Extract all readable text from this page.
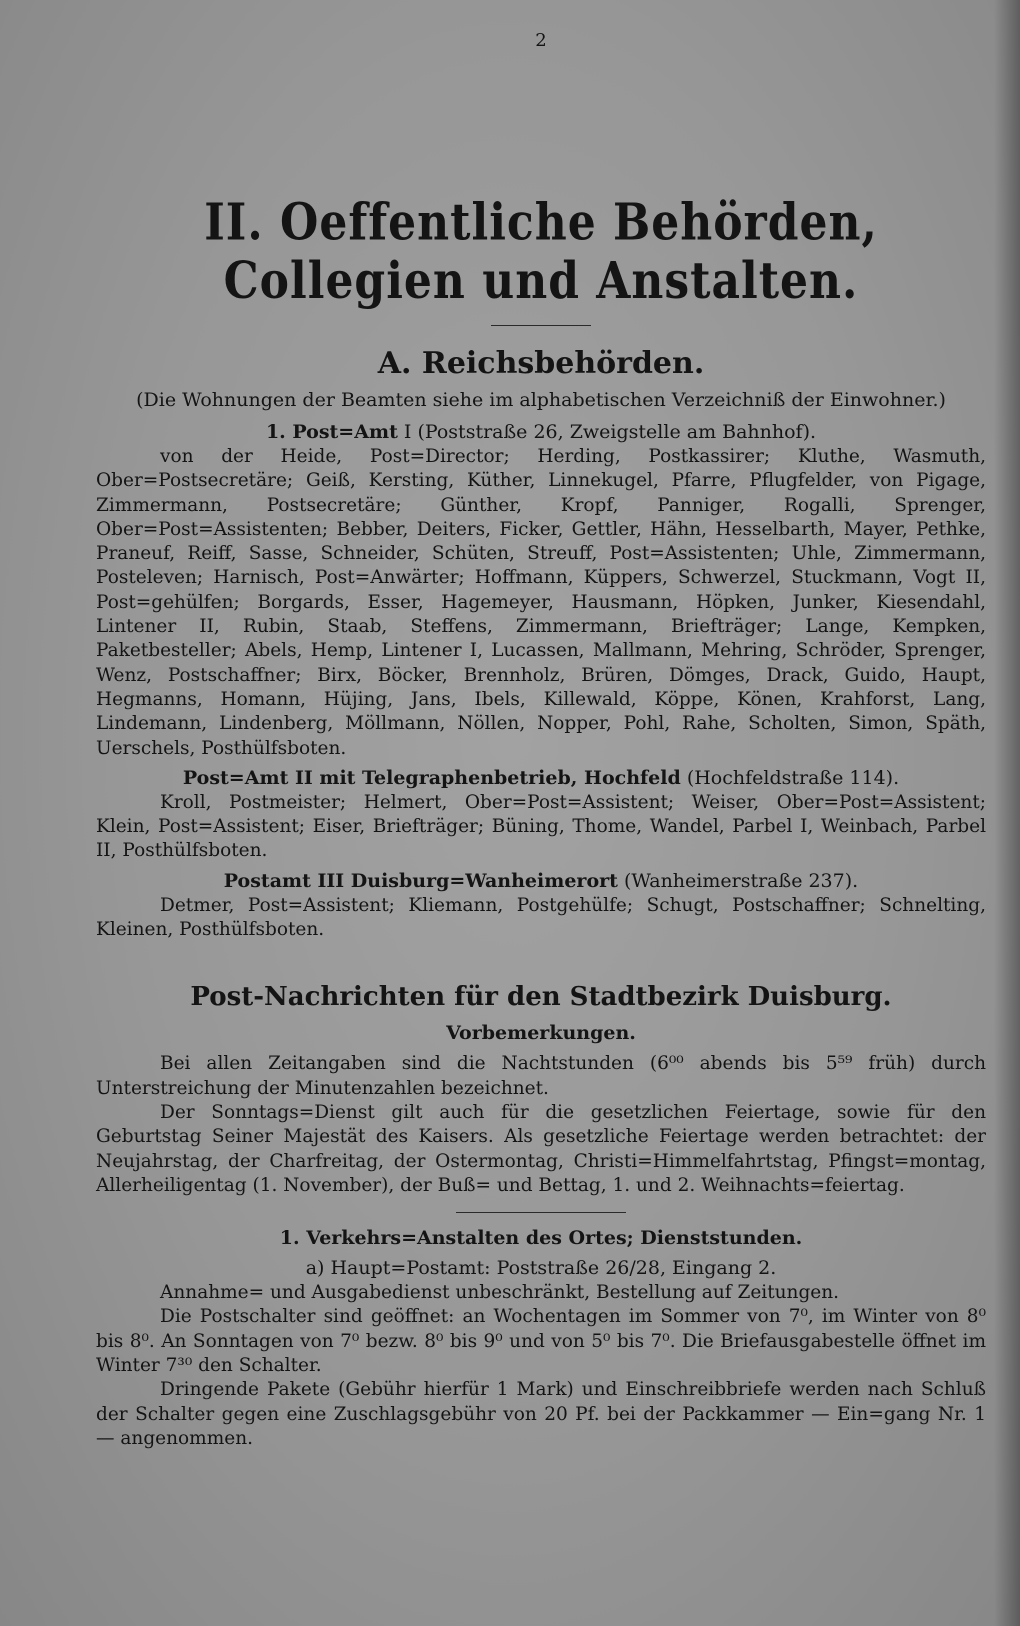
2
II. Oeffentliche Behörden, Collegien und Anstalten.
A. Reichsbehörden.
(Die Wohnungen der Beamten siehe im alphabetischen Verzeichniß der Einwohner.)
1. Post=Amt I (Poststraße 26, Zweigstelle am Bahnhof).

von der Heide, Post=Director; Herding, Postkassirer; Kluthe, Wasmuth, Ober=Postsecretäre; Geiß, Kersting, Küther, Linnekugel, Pfarre, Pflugfelder, von Pigage, Zimmermann, Postsecretäre; Günther, Kropf, Panniger, Rogalli, Sprenger, Ober=Post=Assistenten; Bebber, Deiters, Ficker, Gettler, Hähn, Hesselbarth, Mayer, Pethke, Praneuf, Reiff, Sasse, Schneider, Schüten, Streuff, Post=Assistenten; Uhle, Zimmermann, Posteleven; Harnisch, Post=Anwärter; Hoffmann, Küppers, Schwerzel, Stuckmann, Vogt II, Post=gehülfen; Borgards, Esser, Hagemeyer, Hausmann, Höpken, Junker, Kiesendahl, Lintener II, Rubin, Staab, Steffens, Zimmermann, Briefträger; Lange, Kempken, Paketbesteller; Abels, Hemp, Lintener I, Lucassen, Mallmann, Mehring, Schröder, Sprenger, Wenz, Postschaffner; Birx, Böcker, Brennholz, Brüren, Dömges, Drack, Guido, Haupt, Hegmanns, Homann, Hüjing, Jans, Ibels, Killewald, Köppe, Könen, Krahforst, Lang, Lindemann, Lindenberg, Möllmann, Nöllen, Nopper, Pohl, Rahe, Scholten, Simon, Späth, Uerschels, Posthülfsboten.

Post=Amt II mit Telegraphenbetrieb, Hochfeld (Hochfeldstraße 114).

Kroll, Postmeister; Helmert, Ober=Post=Assistent; Weiser, Ober=Post=Assistent; Klein, Post=Assistent; Eiser, Briefträger; Büning, Thome, Wandel, Parbel I, Weinbach, Parbel II, Posthülfsboten.

Postamt III Duisburg=Wanheimerort (Wanheimerstraße 237).

Detmer, Post=Assistent; Kliemann, Postgehülfe; Schugt, Postschaffner; Schnelting, Kleinen, Posthülfsboten.

Post-Nachrichten für den Stadtbezirk Duisburg.
Vorbemerkungen.

Bei allen Zeitangaben sind die Nachtstunden (6⁰⁰ abends bis 5⁵⁹ früh) durch Unterstreichung der Minutenzahlen bezeichnet.

Der Sonntags=Dienst gilt auch für die gesetzlichen Feiertage, sowie für den Geburtstag Seiner Majestät des Kaisers. Als gesetzliche Feiertage werden betrachtet: der Neujahrstag, der Charfreitag, der Ostermontag, Christi=Himmelfahrtstag, Pfingst=montag, Allerheiligentag (1. November), der Buß= und Bettag, 1. und 2. Weihnachts=feiertag.

1. Verkehrs=Anstalten des Ortes; Dienststunden.
a) Haupt=Postamt: Poststraße 26/28, Eingang 2.

Annahme= und Ausgabedienst unbeschränkt, Bestellung auf Zeitungen.

Die Postschalter sind geöffnet: an Wochentagen im Sommer von 7⁰, im Winter von 8⁰ bis 8⁰. An Sonntagen von 7⁰ bezw. 8⁰ bis 9⁰ und von 5⁰ bis 7⁰. Die Briefausgabestelle öffnet im Winter 7³⁰ den Schalter.

Dringende Pakete (Gebühr hierfür 1 Mark) und Einschreibbriefe werden nach Schluß der Schalter gegen eine Zuschlagsgebühr von 20 Pf. bei der Packkammer — Ein=gang Nr. 1 — angenommen.
